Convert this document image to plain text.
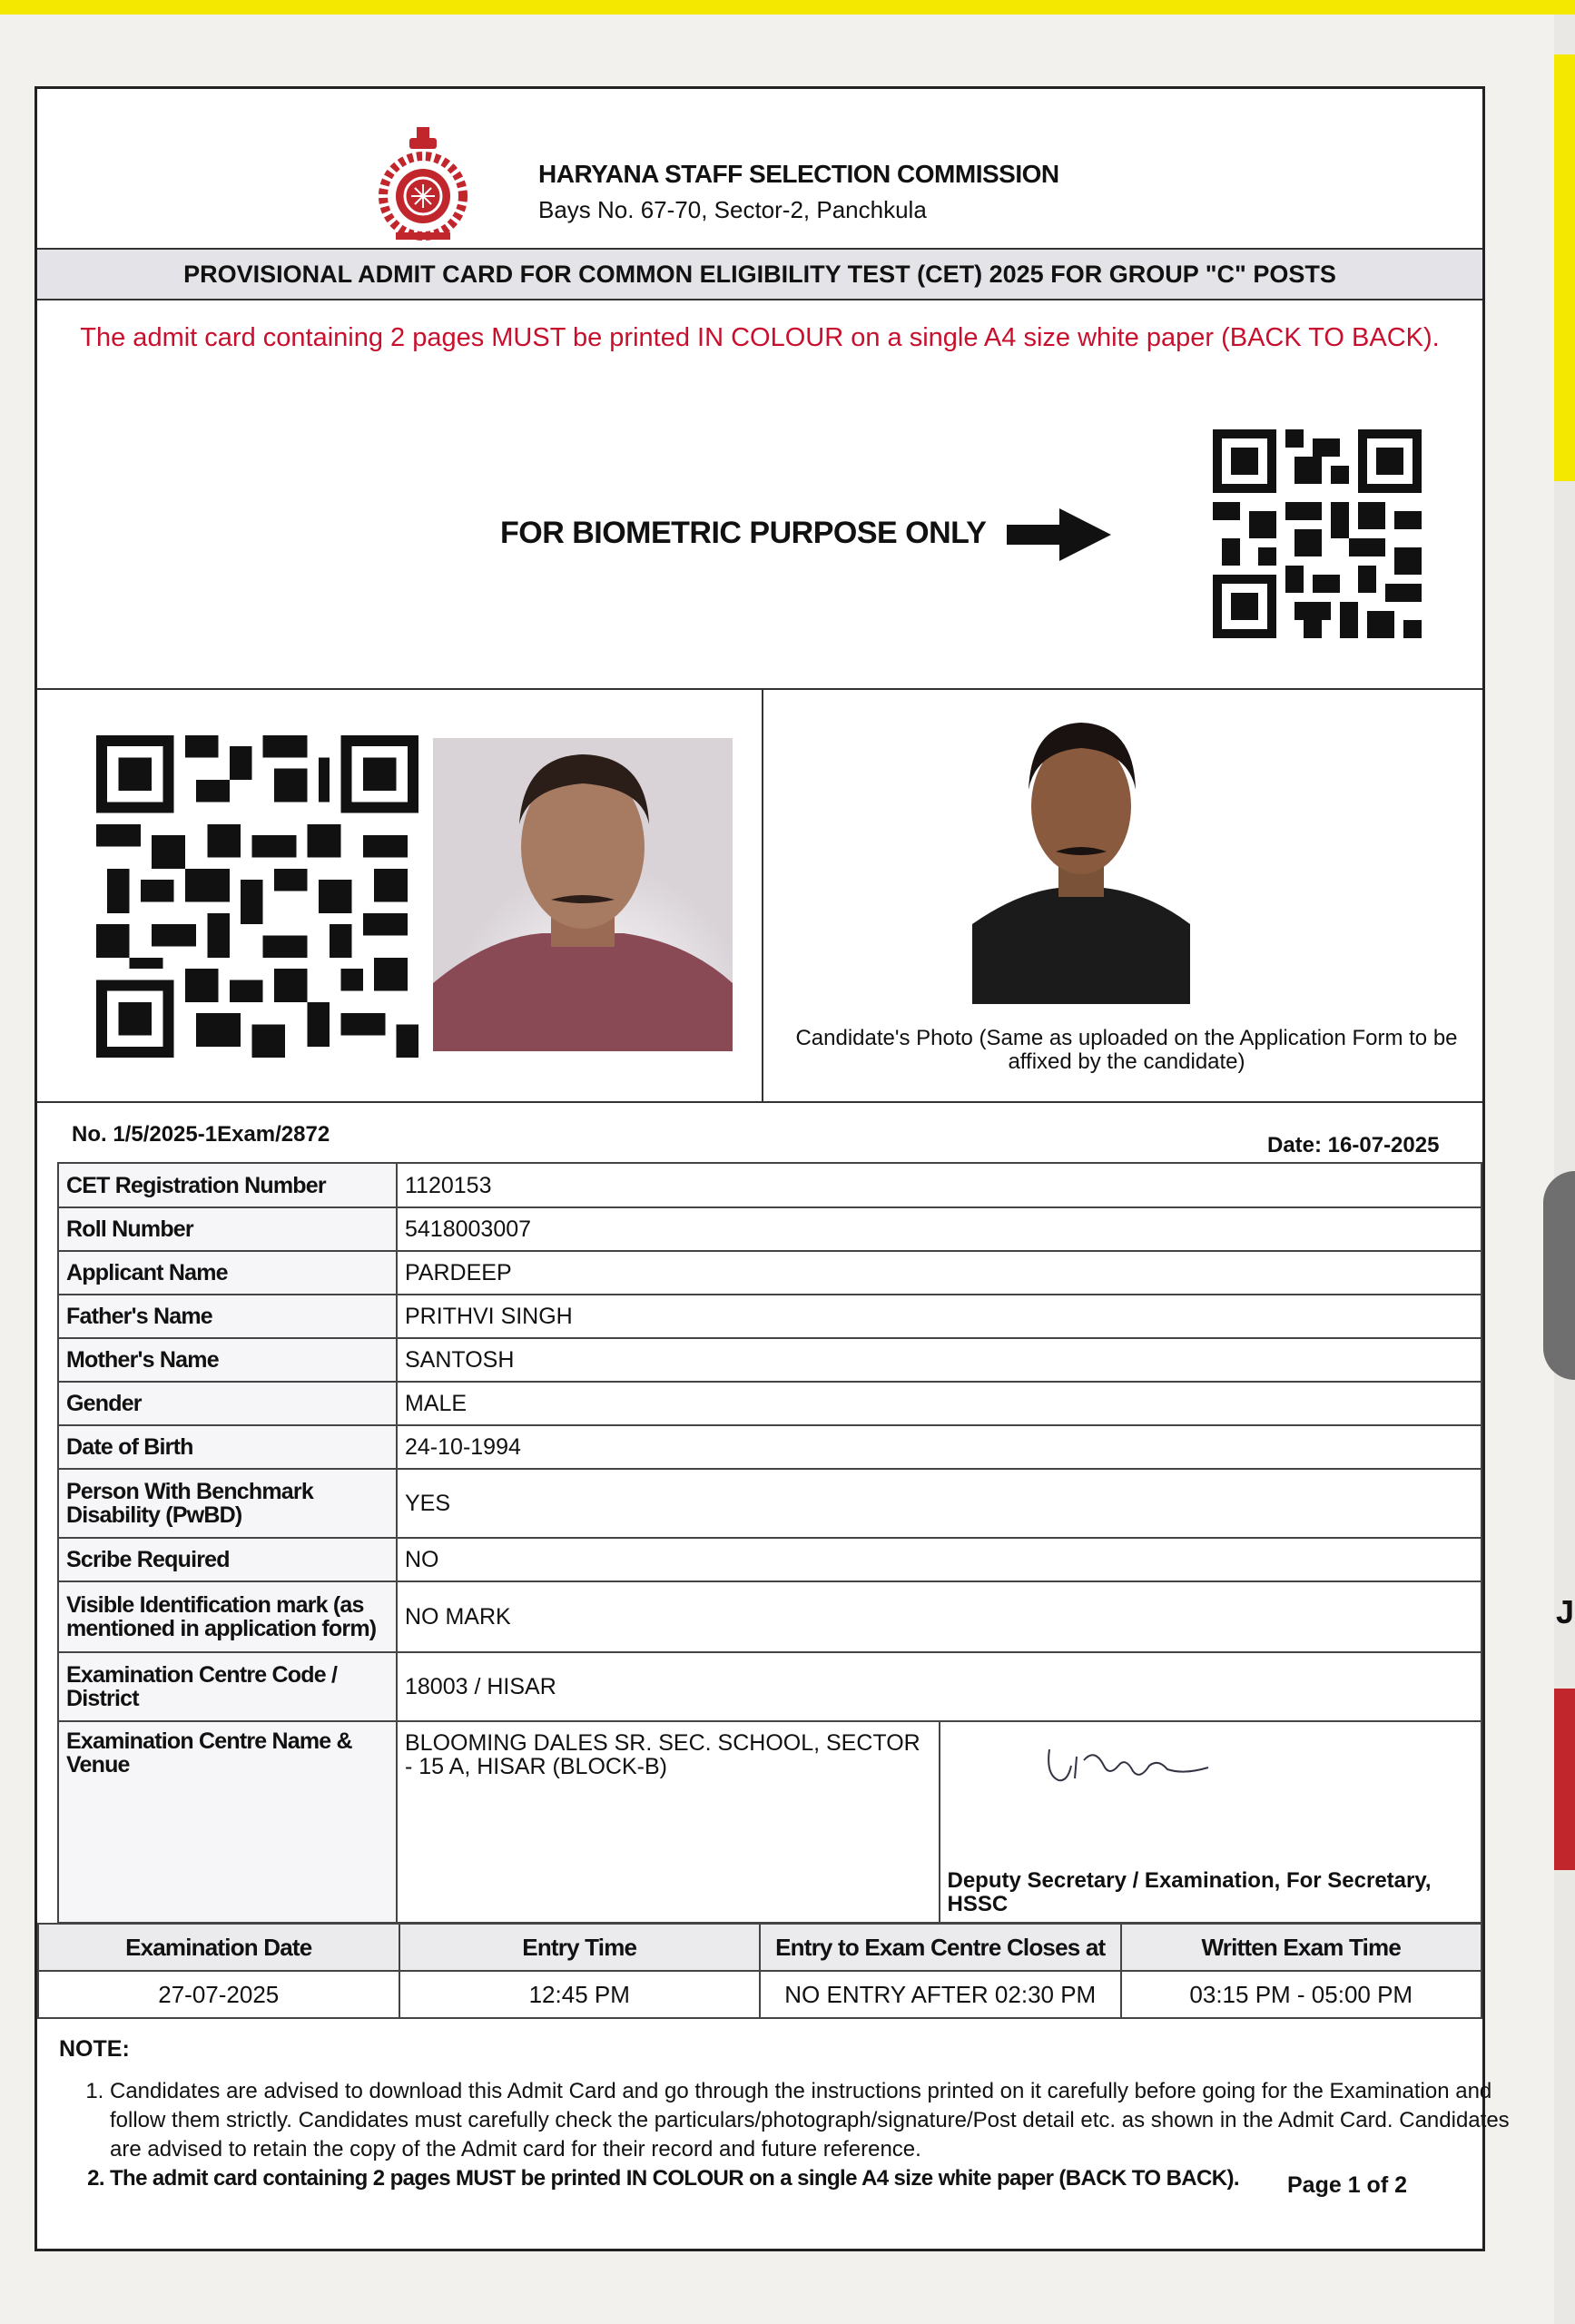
J
HARYANA STAFF SELECTION COMMISSION
Bays No. 67-70, Sector-2, Panchkula
PROVISIONAL ADMIT CARD FOR COMMON ELIGIBILITY TEST (CET) 2025 FOR GROUP "C" POSTS
The admit card containing 2 pages MUST be printed IN COLOUR on a single A4 size white paper (BACK TO BACK).
FOR BIOMETRIC PURPOSE ONLY
Candidate's Photo (Same as uploaded on the Application Form to be affixed by the candidate)
No. 1/5/2025-1Exam/2872	Date: 16-07-2025
CET Registration Number	1120153	
Roll Number	5418003007	
Applicant Name	PARDEEP	
Father's Name	PRITHVI SINGH	
Mother's Name	SANTOSH	
Gender	MALE	
Date of Birth	24-10-1994	
Person With Benchmark Disability (PwBD)	YES	
Scribe Required	NO	
Visible Identification mark (as mentioned in application form)	NO MARK	
Examination Centre Code / District	18003 / HISAR	
Examination Centre Name & Venue	BLOOMING DALES SR. SEC. SCHOOL, SECTOR - 15 A, HISAR (BLOCK-B)	Deputy Secretary / Examination, For Secretary, HSSC
Examination Date	Entry Time	Entry to Exam Centre Closes at	Written Exam Time
27-07-2025	12:45 PM	NO ENTRY AFTER 02:30 PM	03:15 PM - 05:00 PM
NOTE:
1. Candidates are advised to download this Admit Card and go through the instructions printed on it carefully before going for the Examination and follow them strictly. Candidates must carefully check the particulars/photograph/signature/Post detail etc. as shown in the Admit Card. Candidates are advised to retain the copy of the Admit card for their record and future reference.
2. The admit card containing 2 pages MUST be printed IN COLOUR on a single A4 size white paper (BACK TO BACK).	Page 1 of 2
